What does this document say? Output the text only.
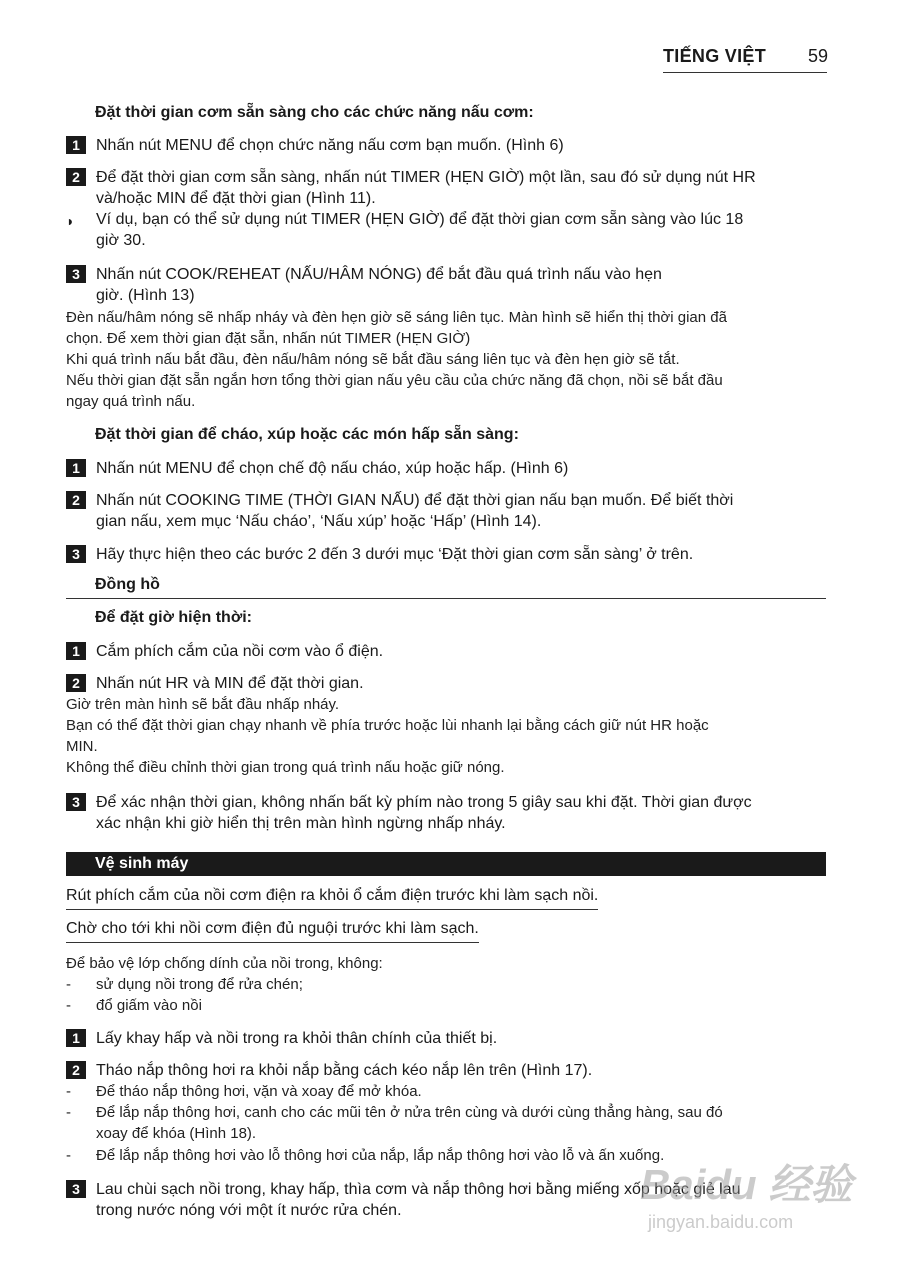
TIẾNG VIỆT 59
Đặt thời gian cơm sẵn sàng cho các chức năng nấu cơm:
1	Nhấn nút MENU để chọn chức năng nấu cơm bạn muốn. (Hình 6)
2	Để đặt thời gian cơm sẵn sàng, nhấn nút TIMER (HẸN GIỜ) một lần, sau đó sử dụng nút HR
và/hoặc MIN để đặt thời gian (Hình 11).
◗ Ví dụ, bạn có thể sử dụng nút TIMER (HẸN GIỜ) để đặt thời gian cơm sẵn sàng vào lúc 18
giờ 30.
3	Nhấn nút COOK/REHEAT (NẤU/HÂM NÓNG) để bắt đầu quá trình nấu vào hẹn
giờ. (Hình 13)
Đèn nấu/hâm nóng sẽ nhấp nháy và đèn hẹn giờ sẽ sáng liên tục. Màn hình sẽ hiển thị thời gian đã
chọn. Để xem thời gian đặt sẵn, nhấn nút TIMER (HẸN GIỜ)
Khi quá trình nấu bắt đầu, đèn nấu/hâm nóng sẽ bắt đầu sáng liên tục và đèn hẹn giờ sẽ tắt.
Nếu thời gian đặt sẵn ngắn hơn tổng thời gian nấu yêu cầu của chức năng đã chọn, nồi sẽ bắt đầu
ngay quá trình nấu.
Đặt thời gian để cháo, xúp hoặc các món hấp sẵn sàng:
1	Nhấn nút MENU để chọn chế độ nấu cháo, xúp hoặc hấp. (Hình 6)
2	Nhấn nút COOKING TIME (THỜI GIAN NẤU) để đặt thời gian nấu bạn muốn. Để biết thời
gian nấu, xem mục ‘Nấu cháo’, ‘Nấu xúp’ hoặc ‘Hấp’ (Hình 14).
3	Hãy thực hiện theo các bước 2 đến 3 dưới mục ‘Đặt thời gian cơm sẵn sàng’ ở trên.
Đồng hồ
Để đặt giờ hiện thời:
1	Cắm phích cắm của nồi cơm vào ổ điện.
2	Nhấn nút HR và MIN để đặt thời gian.
Giờ trên màn hình sẽ bắt đầu nhấp nháy.
Bạn có thể đặt thời gian chạy nhanh về phía trước hoặc lùi nhanh lại bằng cách giữ nút HR hoặc
MIN.
Không thể điều chỉnh thời gian trong quá trình nấu hoặc giữ nóng.
3	Để xác nhận thời gian, không nhấn bất kỳ phím nào trong 5 giây sau khi đặt. Thời gian được
xác nhận khi giờ hiển thị trên màn hình ngừng nhấp nháy.
Vệ sinh máy
Rút phích cắm của nồi cơm điện ra khỏi ổ cắm điện trước khi làm sạch nồi.
Chờ cho tới khi nồi cơm điện đủ nguội trước khi làm sạch.
Để bảo vệ lớp chống dính của nồi trong, không:
- sử dụng nồi trong để rửa chén;
- đổ giấm vào nồi
1	Lấy khay hấp và nồi trong ra khỏi thân chính của thiết bị.
2	Tháo nắp thông hơi ra khỏi nắp bằng cách kéo nắp lên trên (Hình 17).
- Để tháo nắp thông hơi, vặn và xoay để mở khóa.
- Để lắp nắp thông hơi, canh cho các mũi tên ở nửa trên cùng và dưới cùng thẳng hàng, sau đó
xoay để khóa (Hình 18).
- Để lắp nắp thông hơi vào lỗ thông hơi của nắp, lắp nắp thông hơi vào lỗ và ấn xuống.
3	Lau chùi sạch nồi trong, khay hấp, thìa cơm và nắp thông hơi bằng miếng xốp hoặc giẻ lau
trong nước nóng với một ít nước rửa chén.
Baidu 经验
jingyan.baidu.com
